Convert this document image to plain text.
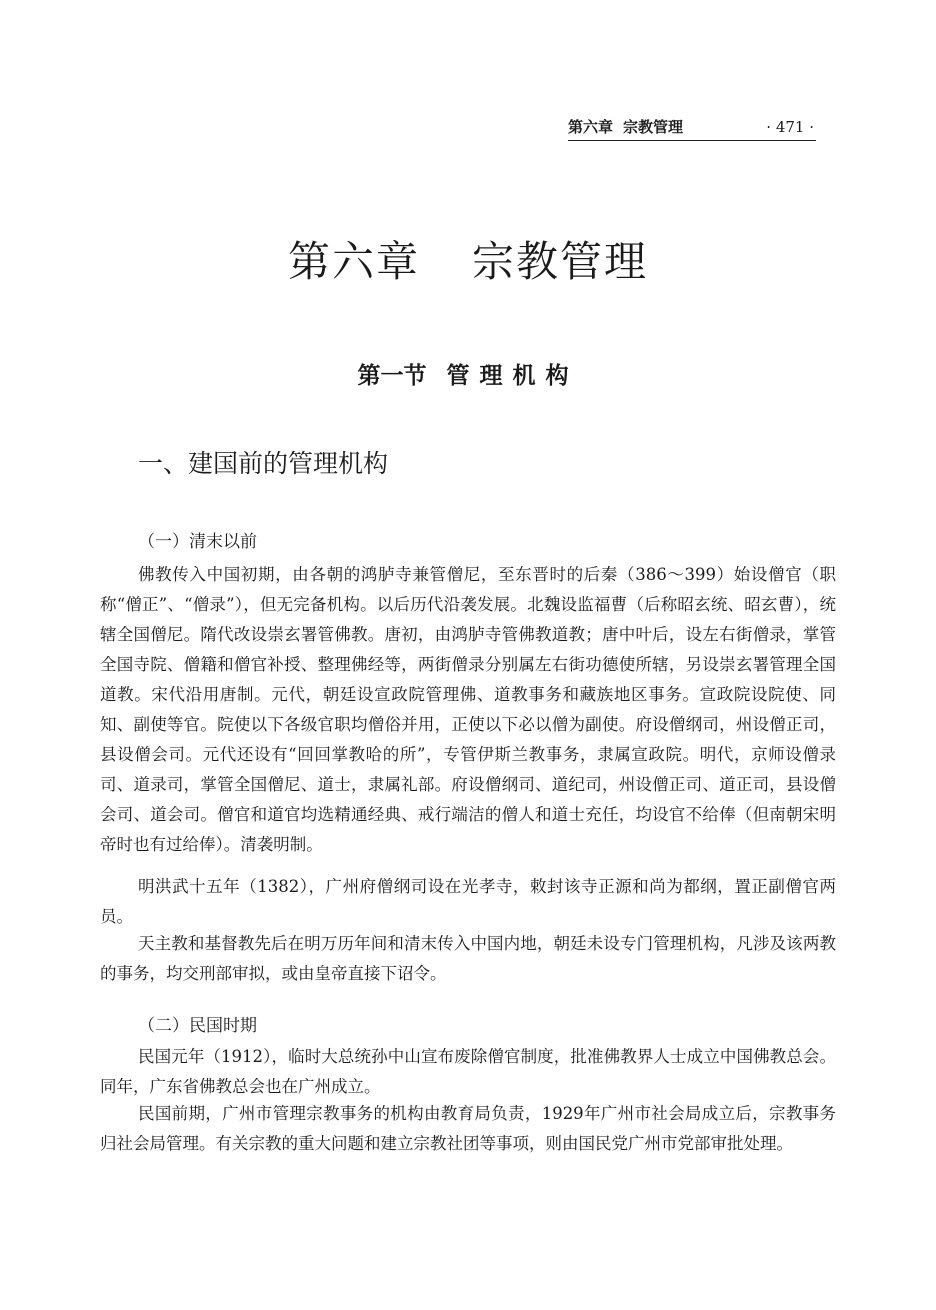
第六章 宗教管理	· 471 ·
第六章 宗教管理
第一节 管理机构
一、建国前的管理机构
（一）清末以前

佛教传入中国初期，由各朝的鸿胪寺兼管僧尼，至东晋时的后秦（386～399）始设僧官（职称“僧正”、“僧录”），但无完备机构。以后历代沿袭发展。北魏设监福曹（后称昭玄统、昭玄曹），统辖全国僧尼。隋代改设崇玄署管佛教。唐初，由鸿胪寺管佛教道教；唐中叶后，设左右街僧录，掌管全国寺院、僧籍和僧官补授、整理佛经等，两街僧录分别属左右街功德使所辖，另设崇玄署管理全国道教。宋代沿用唐制。元代，朝廷设宣政院管理佛、道教事务和藏族地区事务。宣政院设院使、同知、副使等官。院使以下各级官职均僧俗并用，正使以下必以僧为副使。府设僧纲司，州设僧正司，县设僧会司。元代还设有“回回掌教哈的所”，专管伊斯兰教事务，隶属宣政院。明代，京师设僧录司、道录司，掌管全国僧尼、道士，隶属礼部。府设僧纲司、道纪司，州设僧正司、道正司，县设僧会司、道会司。僧官和道官均选精通经典、戒行端洁的僧人和道士充任，均设官不给俸（但南朝宋明帝时也有过给俸）。清袭明制。

明洪武十五年（1382），广州府僧纲司设在光孝寺，敕封该寺正源和尚为都纲，置正副僧官两员。

天主教和基督教先后在明万历年间和清末传入中国内地，朝廷未设专门管理机构，凡涉及该两教的事务，均交刑部审拟，或由皇帝直接下诏令。

（二）民国时期

民国元年（1912），临时大总统孙中山宣布废除僧官制度，批准佛教界人士成立中国佛教总会。同年，广东省佛教总会也在广州成立。

民国前期，广州市管理宗教事务的机构由教育局负责，1929年广州市社会局成立后，宗教事务归社会局管理。有关宗教的重大问题和建立宗教社团等事项，则由国民党广州市党部审批处理。
